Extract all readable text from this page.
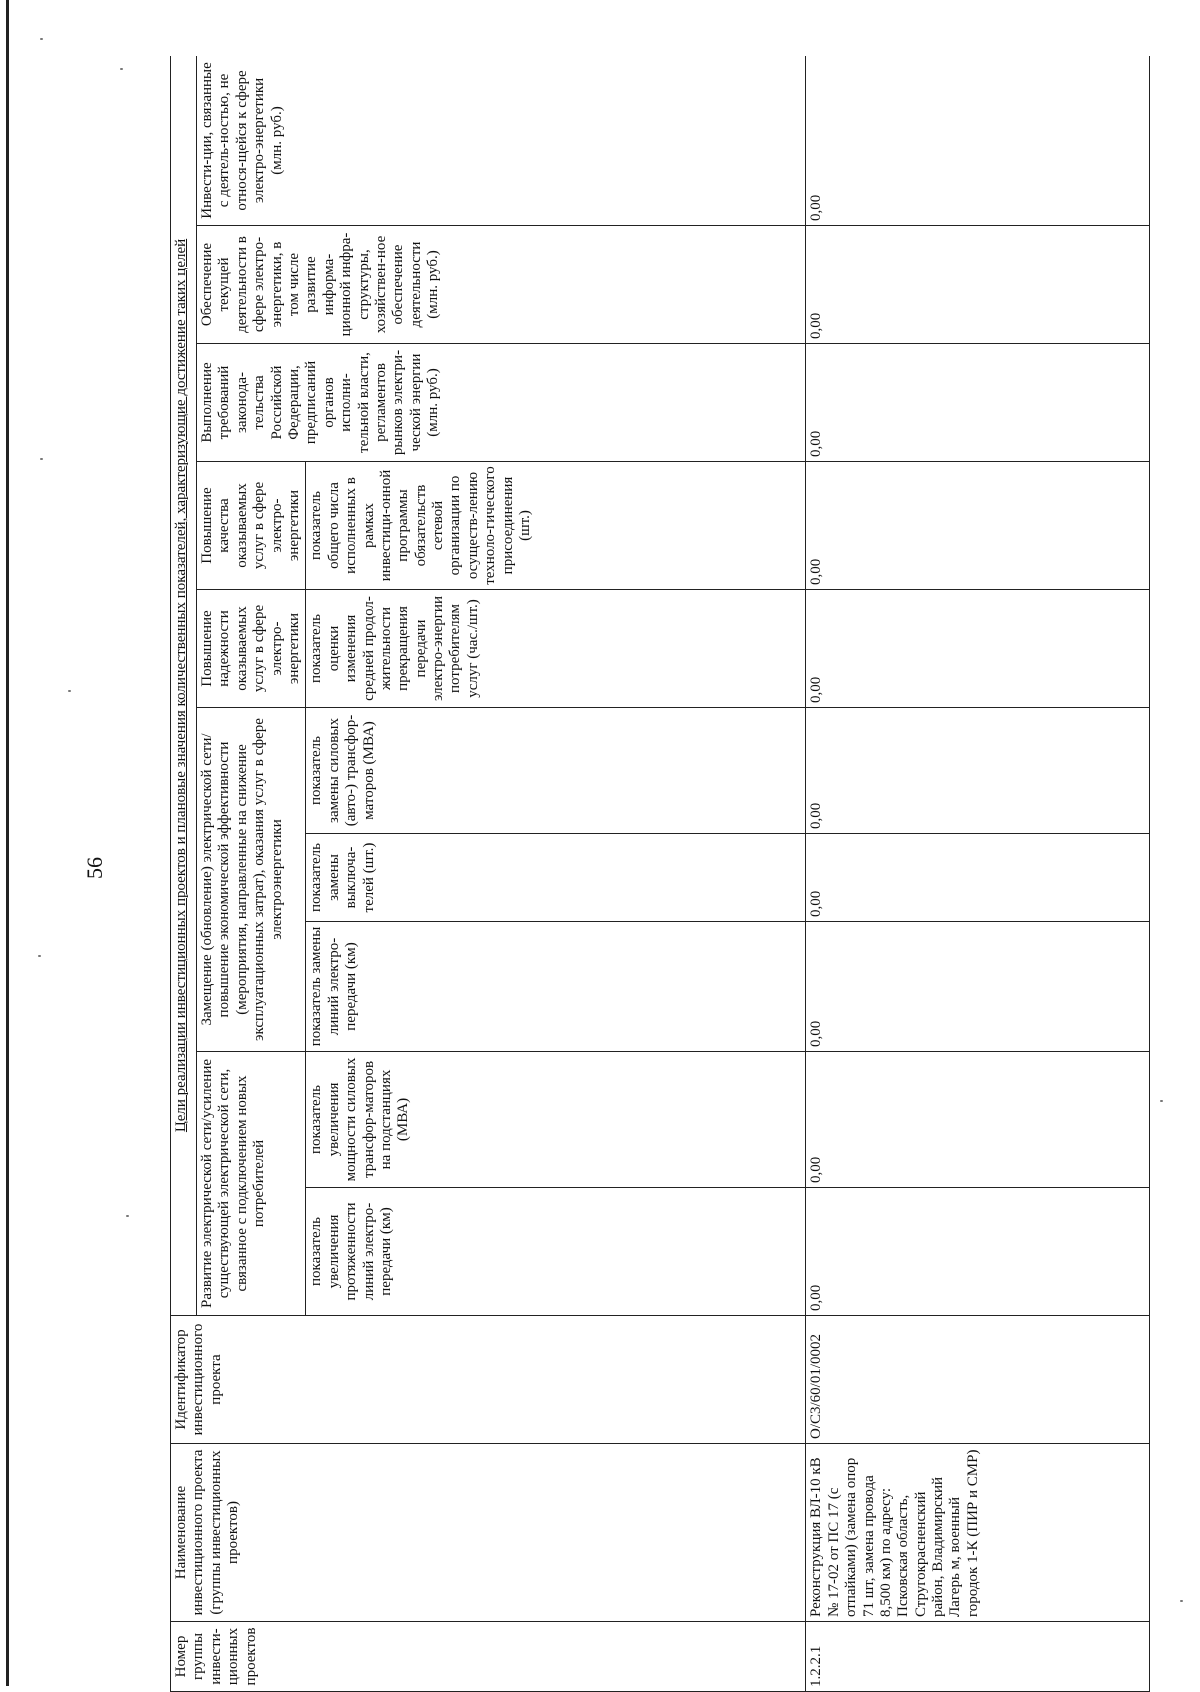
56
Номер группы инвести-ционных проектов	Наименование инвестиционного проекта (группы инвестиционных проектов)	Идентификатор инвестиционного проекта	Цели реализации инвестиционных проектов и плановые значения количественных показателей, характеризующие достижение таких целей									
			Развитие электрической сети/усиление существующей электрической сети, связанное с подключением новых потребителей		Замещение (обновление) электрической сети/повышение экономической эффективности (мероприятия, направленные на снижение эксплуатационных затрат), оказания услуг в сфере электроэнергетики			Повышение надежности оказываемых услуг в сфере электро-энергетики	Повышение качества оказываемых услуг в сфере электро-энергетики	Выполнение требований законода-тельства Российской Федерации, предписаний органов исполни-тельной власти, регламентов рынков электри-ческой энергии (млн. руб.)	Обеспечение текущей деятельности в сфере электро-энергетики, в том числе развитие информа-ционной инфра-структуры, хозяйствен-ное обеспечение деятельности (млн. руб.)	Инвести-ции, связанные с деятель-ностью, не относя-щейся к сфере электро-энергетики (млн. руб.)
			показатель увеличения протяженности линий электро-передачи (км)	показатель увеличения мощности силовых трансфор-маторов на подстанциях (МВА)	показатель замены линий электро-передачи (км)	показатель замены выключа-телей (шт.)	показатель замены силовых (авто-) трансфор-маторов (МВА)	показатель оценки изменения средней продол-жительности прекращения передачи электро-энергии потребителям услуг (час./шт.)	показатель общего числа исполненных в рамках инвестици-онной программы обязательств сетевой организации по осуществ-лению техноло-гического присоединения (шт.)			
1.2.2.1	Реконструкция ВЛ-10 кВ № 17-02 от ПС 17 (с отпайками) (замена опор 71 шт, замена провода 8,500 км) по адресу: Псковская область, Стругокрасненский район, Владимирский Лагерь м, военный городок 1-К (ПИР и СМР)	О/С3/60/01/0002	0,00	0,00	0,00	0,00	0,00	0,00	0,00	0,00	0,00	0,00
